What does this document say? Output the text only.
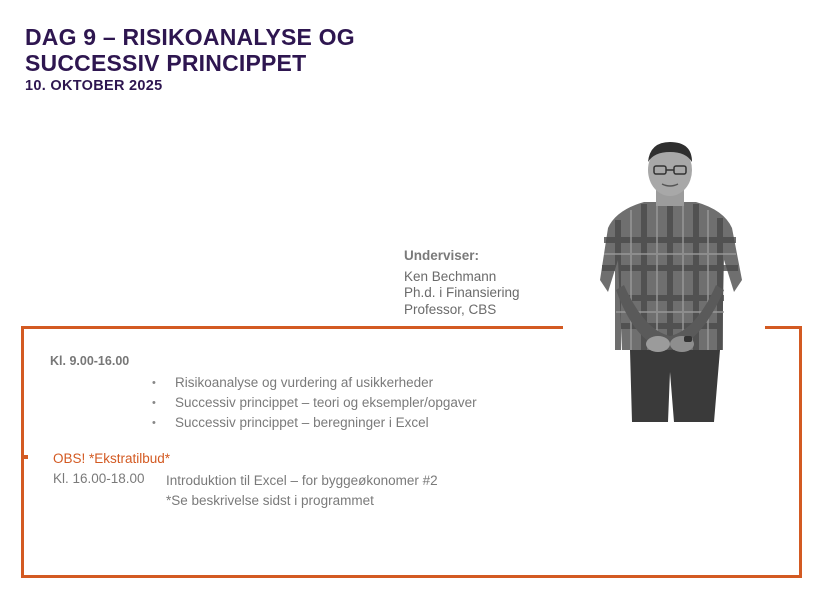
DAG 9 – RISIKOANALYSE OG
SUCCESSIV PRINCIPPET
10. OKTOBER 2025
Underviser:
Ken Bechmann
Ph.d. i Finansiering
Professor, CBS
Kl. 9.00-16.00
• Risikoanalyse og vurdering af usikkerheder
• Successiv princippet – teori og eksempler/opgaver
• Successiv princippet – beregninger i Excel
OBS! *Ekstratilbud*
Kl. 16.00-18.00 Introduktion til Excel – for byggeøkonomer #2
*Se beskrivelse sidst i programmet
